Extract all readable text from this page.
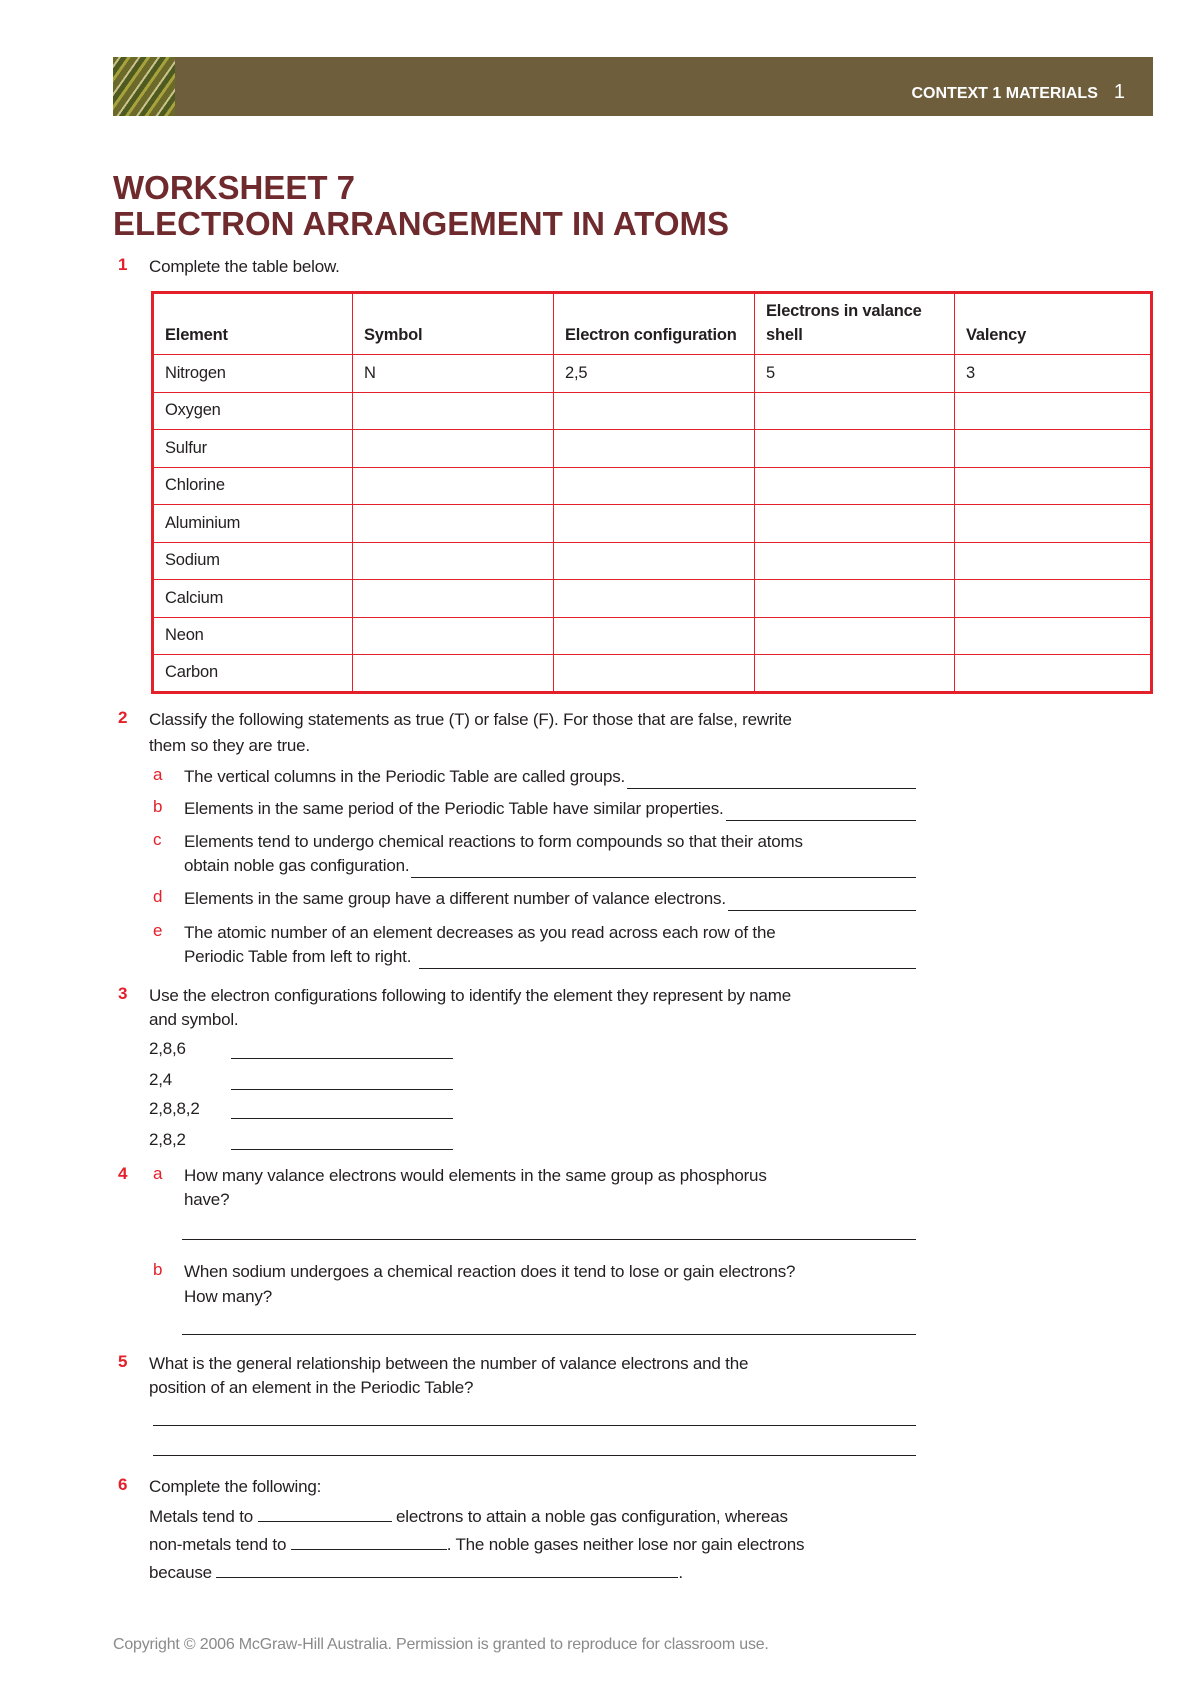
CONTEXT 1 MATERIALS 1
WORKSHEET 7
ELECTRON ARRANGEMENT IN ATOMS
1 Complete the table below.
Element	Symbol	Electron configuration	Electrons in valance shell	Valency
Nitrogen	N	2,5	5	3
Oxygen				
Sulfur				
Chlorine				
Aluminium				
Sodium				
Calcium				
Neon				
Carbon				
2 Classify the following statements as true (T) or false (F). For those that are false, rewrite
them so they are true.
a The vertical columns in the Periodic Table are called groups.
b Elements in the same period of the Periodic Table have similar properties.
c Elements tend to undergo chemical reactions to form compounds so that their atoms
obtain noble gas configuration.
d Elements in the same group have a different number of valance electrons.
e The atomic number of an element decreases as you read across each row of the
Periodic Table from left to right.
3 Use the electron configurations following to identify the element they represent by name
and symbol.
2,8,6
2,4
2,8,8,2
2,8,2
4 a How many valance electrons would elements in the same group as phosphorus
have?
b When sodium undergoes a chemical reaction does it tend to lose or gain electrons?
How many?
5 What is the general relationship between the number of valance electrons and the
position of an element in the Periodic Table?
6 Complete the following:
Metals tend to	electrons to attain a noble gas configuration, whereas
non-metals tend to	. The noble gases neither lose nor gain electrons
because	.
Copyright © 2006 McGraw-Hill Australia. Permission is granted to reproduce for classroom use.
